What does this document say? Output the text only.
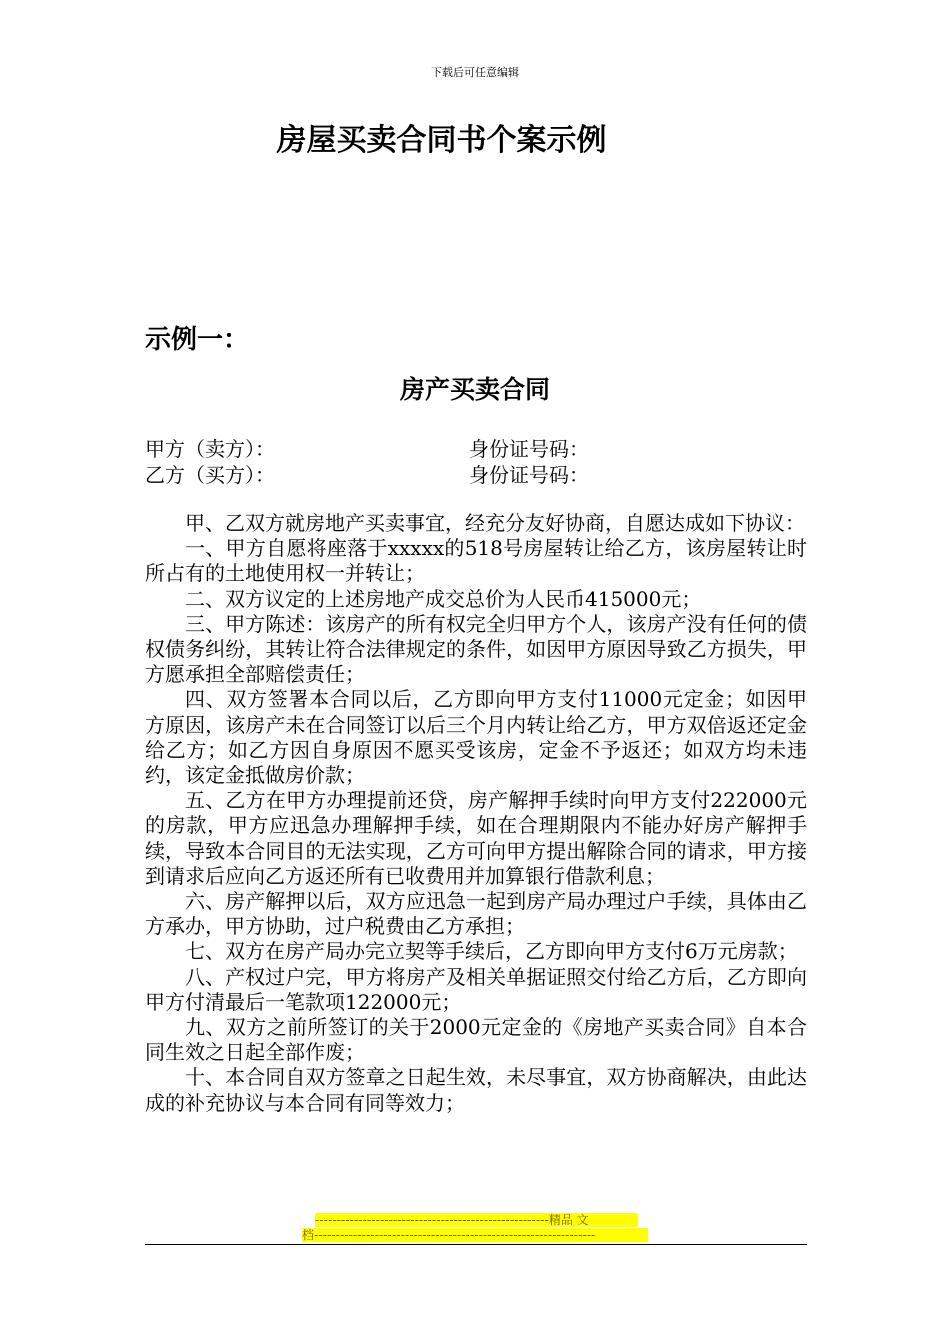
下载后可任意编辑
房屋买卖合同书个案示例
示例一：
房产买卖合同
甲方（卖方）：	身份证号码：
乙方（买方）：	身份证号码：

甲、乙双方就房地产买卖事宜，经充分友好协商，自愿达成如下协议：

一、甲方自愿将座落于xxxxx的518号房屋转让给乙方，该房屋转让时所占有的土地使用权一并转让；

二、双方议定的上述房地产成交总价为人民币415000元；

三、甲方陈述：该房产的所有权完全归甲方个人，该房产没有任何的债权债务纠纷，其转让符合法律规定的条件，如因甲方原因导致乙方损失，甲方愿承担全部赔偿责任；

四、双方签署本合同以后，乙方即向甲方支付11000元定金；如因甲方原因，该房产未在合同签订以后三个月内转让给乙方，甲方双倍返还定金给乙方；如乙方因自身原因不愿买受该房，定金不予返还；如双方均未违约，该定金抵做房价款；

五、乙方在甲方办理提前还贷，房产解押手续时向甲方支付222000元的房款，甲方应迅急办理解押手续，如在合理期限内不能办好房产解押手续，导致本合同目的无法实现，乙方可向甲方提出解除合同的请求，甲方接到请求后应向乙方返还所有已收费用并加算银行借款利息；

六、房产解押以后，双方应迅急一起到房产局办理过户手续，具体由乙方承办，甲方协助，过户税费由乙方承担；

七、双方在房产局办完立契等手续后，乙方即向甲方支付6万元房款；

八、产权过户完，甲方将房产及相关单据证照交付给乙方后，乙方即向甲方付清最后一笔款项122000元；

九、双方之前所签订的关于2000元定金的《房地产买卖合同》自本合同生效之日起全部作废；

十、本合同自双方签章之日起生效，未尽事宜，双方协商解决，由此达成的补充协议与本合同有同等效力；

------------------------------------------------------精品 文
档-----------------------------------------------------------------
